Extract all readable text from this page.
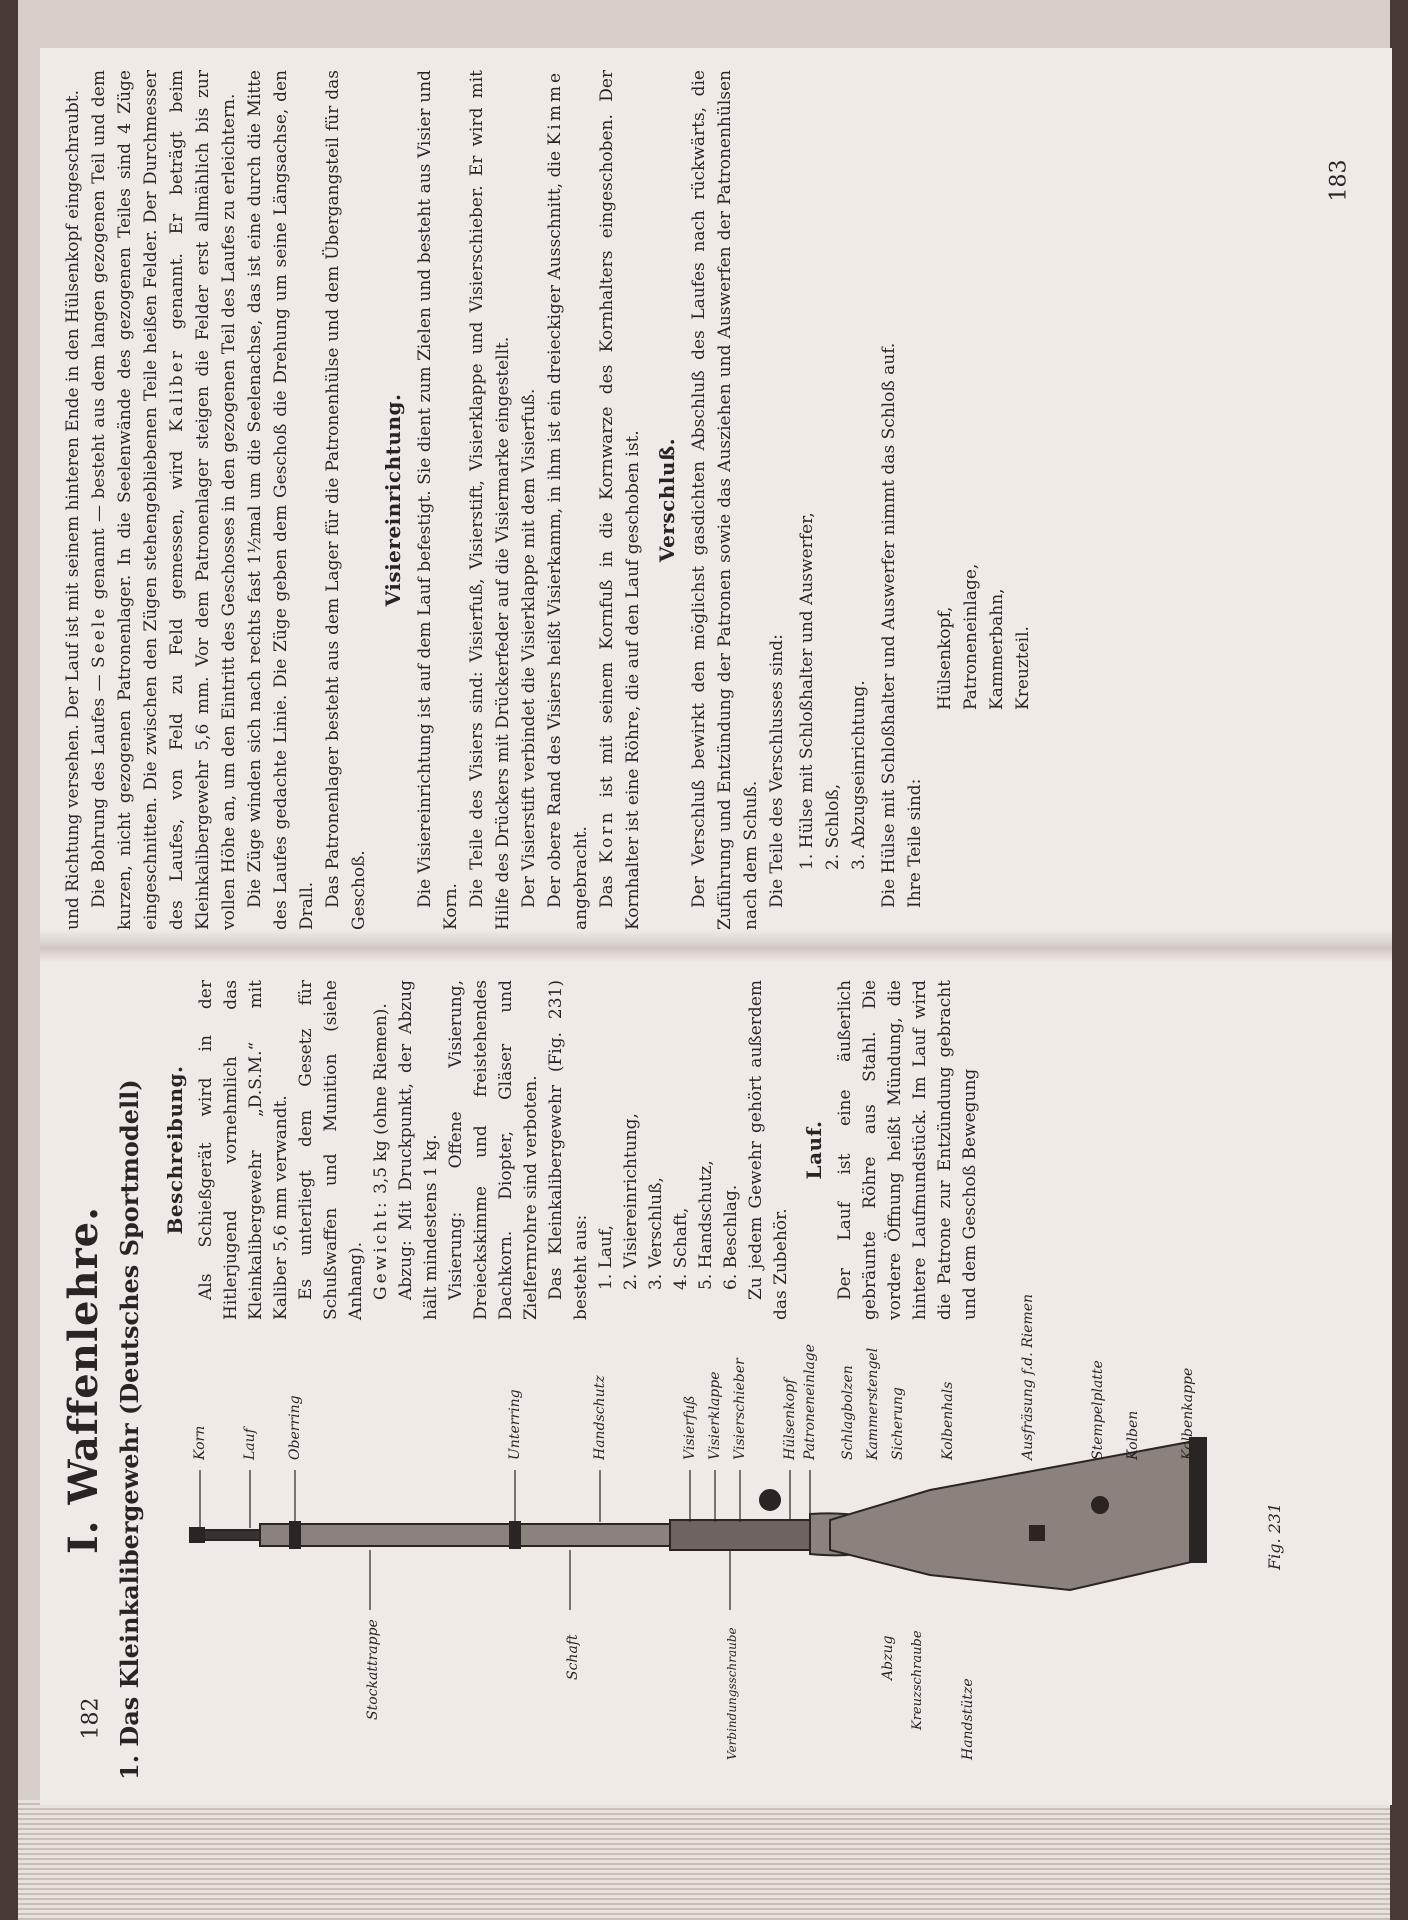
und Richtung versehen. Der Lauf ist mit seinem hinteren Ende in den Hülsenkopf eingeschraubt. Die Bohrung des Laufes — Seele genannt — besteht aus dem langen gezogenen Teil und dem kurzen, nicht gezogenen Patronenlager. In die Seelenwände des gezogenen Teiles sind 4 Züge eingeschnitten. Die zwischen den Zügen stehengebliebenen Teile heißen Felder. Der Durchmesser des Laufes, von Feld zu Feld gemessen, wird Kaliber genannt. Er beträgt beim Kleinkalibergewehr 5,6 mm. Vor dem Patronenlager steigen die Felder erst allmählich bis zur vollen Höhe an, um den Eintritt des Geschosses in den gezogenen Teil des Laufes zu erleichtern. Die Züge winden sich nach rechts fast 1½mal um die Seelenachse, das ist eine durch die Mitte des Laufes gedachte Linie. Die Züge geben dem Geschoß die Drehung um seine Längsachse, den Drall. Das Patronenlager besteht aus dem Lager für die Patronenhülse und dem Übergangsteil für das Geschoß.

Visiereinrichtung. Die Visiereinrichtung ist auf dem Lauf befestigt. Sie dient zum Zielen und besteht aus Visier und Korn. Die Teile des Visiers sind: Visierfuß, Visierstift, Visierklappe und Visierschieber. Er wird mit Hilfe des Drückers mit Drückerfeder auf die Visiermarke eingestellt. Der Visierstift verbindet die Visierklappe mit dem Visierfuß. Der obere Rand des Visiers heißt Visierkamm, in ihm ist ein dreieckiger Ausschnitt, die Kimme angebracht. Das Korn ist mit seinem Kornfuß in die Kornwarze des Kornhalters eingeschoben. Der Kornhalter ist eine Röhre, die auf den Lauf geschoben ist. Verschluß. Der Verschluß bewirkt den möglichst gasdichten Abschluß des Laufes nach rückwärts, die Zuführung und Entzündung der Patronen sowie das Ausziehen und Auswerfen der Patronenhülsen nach dem Schuß. Die Teile des Verschlusses sind: 1. Hülse mit Schloßhalter und Auswerfer, 2. Schloß, 3. Abzugseinrichtung. Die Hülse mit Schloßhalter und Auswerfer nimmt das Schloß auf. Ihre Teile sind:

Hülsenkopf, Patroneneinlage, Kammerbahn, Kreuzteil.
183
I. Waffenlehre. 1. Das Kleinkalibergewehr (Deutsches Sportmodell)	Fig. 231
Korn Lauf Oberring	Unterring	Handschutz	Visierfuß Visierklappe Visierschieber Hülsenkopf Patroneneinlage Schlagbolzen Kammerstengel Sicherung Kolbenhals	Ausfräsung f.d. Riemen	Stempelplatte Kolben	Kolbenkappe
Stockattrappe	Schaft	Verbindungsschraube	Abzug Kreuzschraube	Handstütze
Beschreibung. Als Schießgerät wird in der Hitlerjugend vornehmlich das Kleinkalibergewehr „D.S.M.“ mit Kaliber 5,6 mm verwandt. Es unterliegt dem Gesetz für Schußwaffen und Munition (siehe Anhang). Gewicht: 3,5 kg (ohne Riemen). Abzug: Mit Druckpunkt, der Abzug hält mindestens 1 kg. Visierung: Offene Visierung, Dreieckskimme und freistehendes Dachkorn. Diopter, Gläser und Zielfernrohre sind verboten. Das Kleinkalibergewehr (Fig. 231) besteht aus: 1. Lauf, 2. Visiereinrichtung, 3. Verschluß, 4. Schaft, 5. Handschutz, 6. Beschlag. Zu jedem Gewehr gehört außerdem das Zubehör.

Lauf. Der Lauf ist eine äußerlich gebräunte Röhre aus Stahl. Die vordere Öffnung heißt Mündung, die hintere Laufmundstück. Im Lauf wird die Patrone zur Entzündung gebracht und dem Geschoß Bewegung

182
